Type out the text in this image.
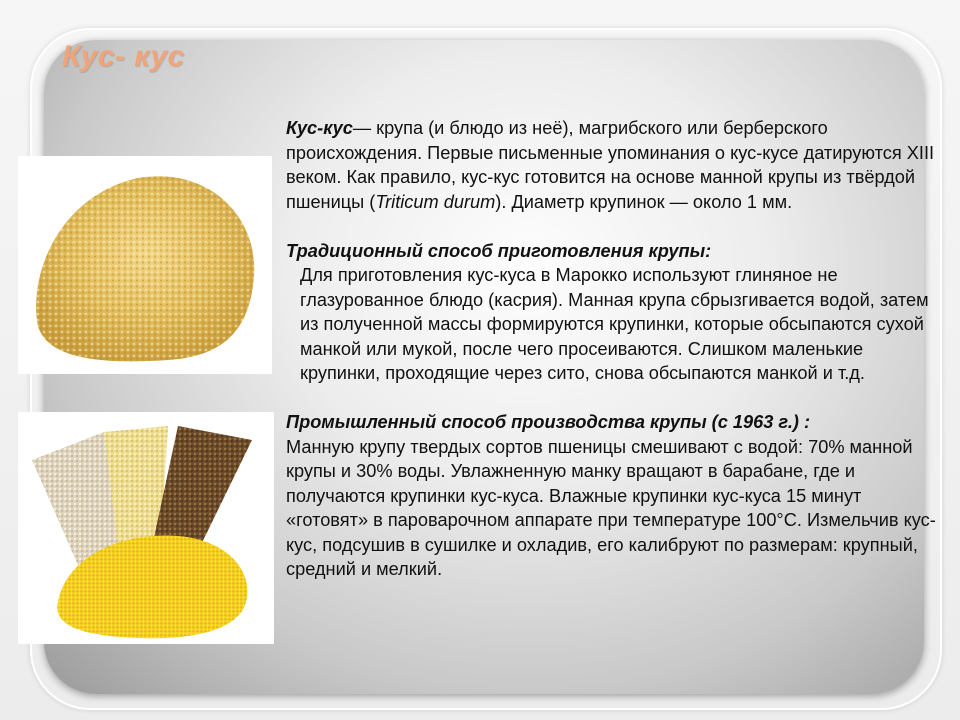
Кус- кус

Кус-кус— крупа (и блюдо из неё), магрибского или берберского происхождения. Первые письменные упоминания о кус-кусе датируются XIII веком. Как правило, кус-кус готовится на основе манной крупы из твёрдой пшеницы (Triticum durum). Диаметр крупинок — около 1 мм.

Традиционный способ приготовления крупы:

Для приготовления кус-куса в Марокко используют глиняное не глазурованное блюдо (касрия). Манная крупа сбрызгивается водой, затем из полученной массы формируются крупинки, которые обсыпаются сухой манкой или мукой, после чего просеиваются. Слишком маленькие крупинки, проходящие через сито, снова обсыпаются манкой и т.д.

Промышленный способ производства крупы (с 1963 г.) :

Манную крупу твердых сортов пшеницы смешивают с водой: 70% манной крупы и 30% воды. Увлажненную манку вращают в барабане, где и получаются крупинки кус-куса. Влажные крупинки кус-куса 15 минут «готовят» в пароварочном аппарате при температуре 100°С. Измельчив кус-кус, подсушив в сушилке и охладив, его калибруют по размерам: крупный, средний и мелкий.
